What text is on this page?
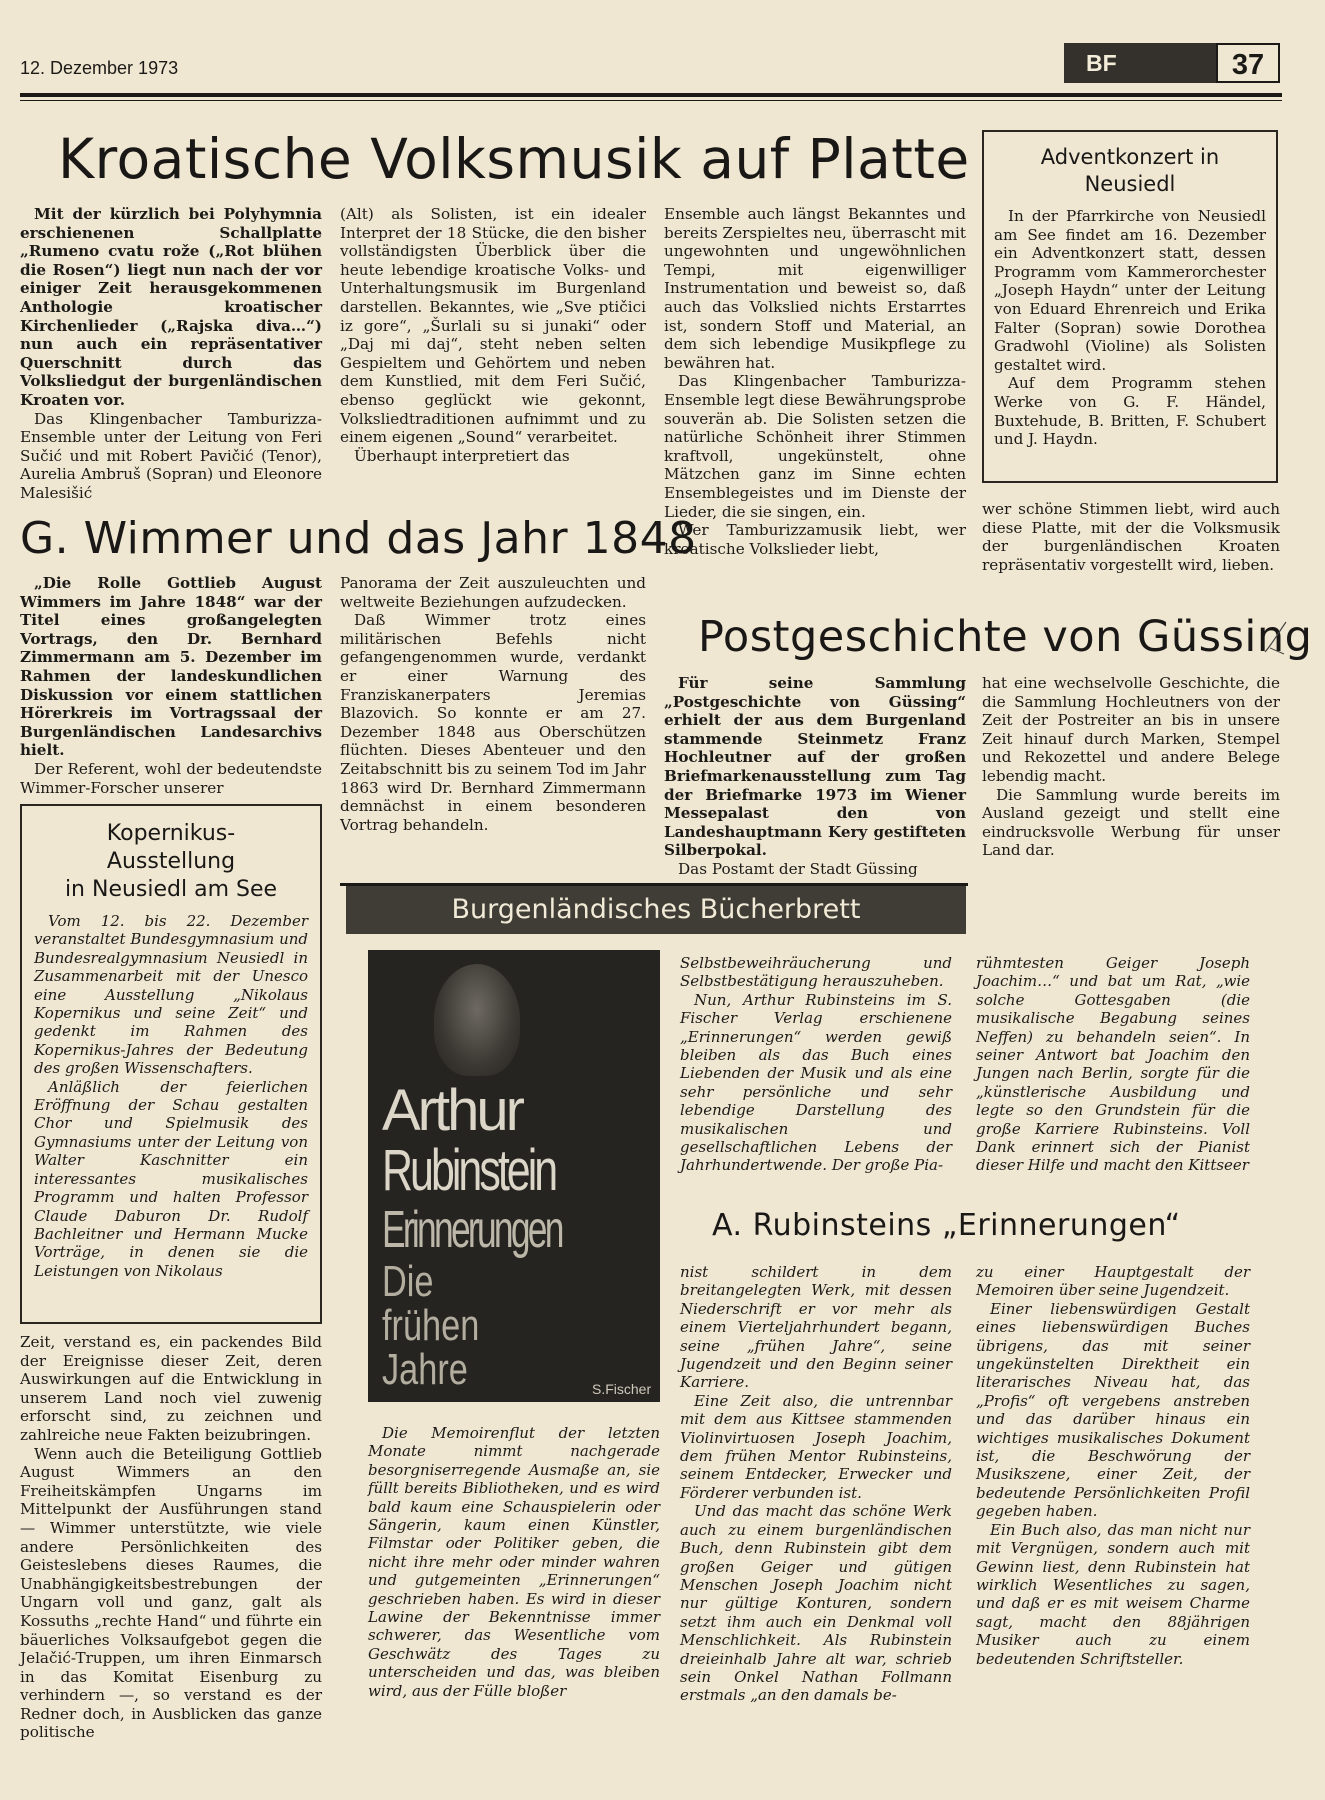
12. Dezember 1973	BF	37
Kroatische Volksmusik auf Platte

Mit der kürzlich bei Polyhymnia erschienenen Schallplatte „Rumeno cvatu rože („Rot blühen die Rosen“) liegt nun nach der vor einiger Zeit herausgekommenen Anthologie kroatischer Kirchenlieder („Rajska diva…“) nun auch ein repräsentativer Querschnitt durch das Volksliedgut der burgenländischen Kroaten vor.

Das Klingenbacher Tamburizza-Ensemble unter der Leitung von Feri Sučić und mit Robert Pavičić (Tenor), Aurelia Ambruš (Sopran) und Eleonore Malesišić

(Alt) als Solisten, ist ein idealer Interpret der 18 Stücke, die den bisher vollständigsten Überblick über die heute lebendige kroatische Volks- und Unterhaltungsmusik im Burgenland darstellen. Bekanntes, wie „Sve ptičici iz gore“, „Šurlali su si junaki“ oder „Daj mi daj“, steht neben selten Gespieltem und Gehörtem und neben dem Kunstlied, mit dem Feri Sučić, ebenso geglückt wie gekonnt, Volksliedtraditionen aufnimmt und zu einem eigenen „Sound“ verarbeitet.

Überhaupt interpretiert das

Ensemble auch längst Bekanntes und bereits Zerspieltes neu, überrascht mit ungewohnten und ungewöhnlichen Tempi, mit eigenwilliger Instrumentation und beweist so, daß auch das Volkslied nichts Erstarrtes ist, sondern Stoff und Material, an dem sich lebendige Musikpflege zu bewähren hat.

Das Klingenbacher Tamburizza-Ensemble legt diese Bewährungsprobe souverän ab. Die Solisten setzen die natürliche Schönheit ihrer Stimmen kraftvoll, ungekünstelt, ohne Mätzchen ganz im Sinne echten Ensemblegeistes und im Dienste der Lieder, die sie singen, ein.

Wer Tamburizzamusik liebt, wer kroatische Volkslieder liebt,

wer schöne Stimmen liebt, wird auch diese Platte, mit der die Volksmusik der burgenländischen Kroaten repräsentativ vorgestellt wird, lieben.

Adventkonzert in Neusiedl

In der Pfarrkirche von Neusiedl am See findet am 16. Dezember ein Adventkonzert statt, dessen Programm vom Kammerorchester „Joseph Haydn“ unter der Leitung von Eduard Ehrenreich und Erika Falter (Sopran) sowie Dorothea Gradwohl (Violine) als Solisten gestaltet wird.

Auf dem Programm stehen Werke von G. F. Händel, Buxtehude, B. Britten, F. Schubert und J. Haydn.

G. Wimmer und das Jahr 1848

„Die Rolle Gottlieb August Wimmers im Jahre 1848“ war der Titel eines großangelegten Vortrags, den Dr. Bernhard Zimmermann am 5. Dezember im Rahmen der landeskundlichen Diskussion vor einem stattlichen Hörerkreis im Vortragssaal der Burgenländischen Landesarchivs hielt.

Der Referent, wohl der bedeutendste Wimmer-Forscher unserer

Panorama der Zeit auszuleuchten und weltweite Beziehungen aufzudecken.

Daß Wimmer trotz eines militärischen Befehls nicht gefangengenommen wurde, verdankt er einer Warnung des Franziskanerpaters Jeremias Blazovich. So konnte er am 27. Dezember 1848 aus Oberschützen flüchten. Dieses Abenteuer und den Zeitabschnitt bis zu seinem Tod im Jahr 1863 wird Dr. Bernhard Zimmermann demnächst in einem besonderen Vortrag behandeln.

Kopernikus-
Ausstellung
in Neusiedl am See

Vom 12. bis 22. Dezember veranstaltet Bundesgymnasium und Bundesrealgymnasium Neusiedl in Zusammenarbeit mit der Unesco eine Ausstellung „Nikolaus Kopernikus und seine Zeit“ und gedenkt im Rahmen des Kopernikus-Jahres der Bedeutung des großen Wissenschafters.

Anläßlich der feierlichen Eröffnung der Schau gestalten Chor und Spielmusik des Gymnasiums unter der Leitung von Walter Kaschnitter ein interessantes musikalisches Programm und halten Professor Claude Daburon Dr. Rudolf Bachleitner und Hermann Mucke Vorträge, in denen sie die Leistungen von Nikolaus

Zeit, verstand es, ein packendes Bild der Ereignisse dieser Zeit, deren Auswirkungen auf die Entwicklung in unserem Land noch viel zuwenig erforscht sind, zu zeichnen und zahlreiche neue Fakten beizubringen.

Wenn auch die Beteiligung Gottlieb August Wimmers an den Freiheitskämpfen Ungarns im Mittelpunkt der Ausführungen stand — Wimmer unterstützte, wie viele andere Persönlichkeiten des Geisteslebens dieses Raumes, die Unabhängigkeitsbestrebungen der Ungarn voll und ganz, galt als Kossuths „rechte Hand“ und führte ein bäuerliches Volksaufgebot gegen die Jelačić-Truppen, um ihren Einmarsch in das Komitat Eisenburg zu verhindern —, so verstand es der Redner doch, in Ausblicken das ganze politische

Postgeschichte von Güssing

Für seine Sammlung „Postgeschichte von Güssing“ erhielt der aus dem Burgenland stammende Steinmetz Franz Hochleutner auf der großen Briefmarkenausstellung zum Tag der Briefmarke 1973 im Wiener Messepalast den von Landeshauptmann Kery gestifteten Silberpokal.

Das Postamt der Stadt Güssing

hat eine wechselvolle Geschichte, die die Sammlung Hochleutners von der Zeit der Postreiter an bis in unsere Zeit hinauf durch Marken, Stempel und Rekozettel und andere Belege lebendig macht.

Die Sammlung wurde bereits im Ausland gezeigt und stellt eine eindrucksvolle Werbung für unser Land dar.

Burgenländisches Bücherbrett
Arthur
Rubinstein
Erinnerungen
Die
frühen
Jahre	S.Fischer

Die Memoirenflut der letzten Monate nimmt nachgerade besorgniserregende Ausmaße an, sie füllt bereits Bibliotheken, und es wird bald kaum eine Schauspielerin oder Sängerin, kaum einen Künstler, Filmstar oder Politiker geben, die nicht ihre mehr oder minder wahren und gutgemeinten „Erinnerungen“ geschrieben haben. Es wird in dieser Lawine der Bekenntnisse immer schwerer, das Wesentliche vom Geschwätz des Tages zu unterscheiden und das, was bleiben wird, aus der Fülle bloßer

Selbstbeweihräucherung und Selbstbestätigung herauszuheben.

Nun, Arthur Rubinsteins im S. Fischer Verlag erschienene „Erinnerungen“ werden gewiß bleiben als das Buch eines Liebenden der Musik und als eine sehr persönliche und sehr lebendige Darstellung des musikalischen und gesellschaftlichen Lebens der Jahrhundertwende. Der große Pia-

rühmtesten Geiger Joseph Joachim…“ und bat um Rat, „wie solche Gottesgaben (die musikalische Begabung seines Neffen) zu behandeln seien“. In seiner Antwort bat Joachim den Jungen nach Berlin, sorgte für die „künstlerische Ausbildung und legte so den Grundstein für die große Karriere Rubinsteins. Voll Dank erinnert sich der Pianist dieser Hilfe und macht den Kittseer

A. Rubinsteins „Erinnerungen“

nist schildert in dem breitangelegten Werk, mit dessen Niederschrift er vor mehr als einem Vierteljahrhundert begann, seine „frühen Jahre“, seine Jugendzeit und den Beginn seiner Karriere.

Eine Zeit also, die untrennbar mit dem aus Kittsee stammenden Violinvirtuosen Joseph Joachim, dem frühen Mentor Rubinsteins, seinem Entdecker, Erwecker und Förderer verbunden ist.

Und das macht das schöne Werk auch zu einem burgenländischen Buch, denn Rubinstein gibt dem großen Geiger und gütigen Menschen Joseph Joachim nicht nur gültige Konturen, sondern setzt ihm auch ein Denkmal voll Menschlichkeit. Als Rubinstein dreieinhalb Jahre alt war, schrieb sein Onkel Nathan Follmann erstmals „an den damals be-

zu einer Hauptgestalt der Memoiren über seine Jugendzeit.

Einer liebenswürdigen Gestalt eines liebenswürdigen Buches übrigens, das mit seiner ungekünstelten Direktheit ein literarisches Niveau hat, das „Profis“ oft vergebens anstreben und das darüber hinaus ein wichtiges musikalisches Dokument ist, die Beschwörung der Musikszene, einer Zeit, der bedeutende Persönlichkeiten Profil gegeben haben.

Ein Buch also, das man nicht nur mit Vergnügen, sondern auch mit Gewinn liest, denn Rubinstein hat wirklich Wesentliches zu sagen, und daß er es mit weisem Charme sagt, macht den 88jährigen Musiker auch zu einem bedeutenden Schriftsteller.
